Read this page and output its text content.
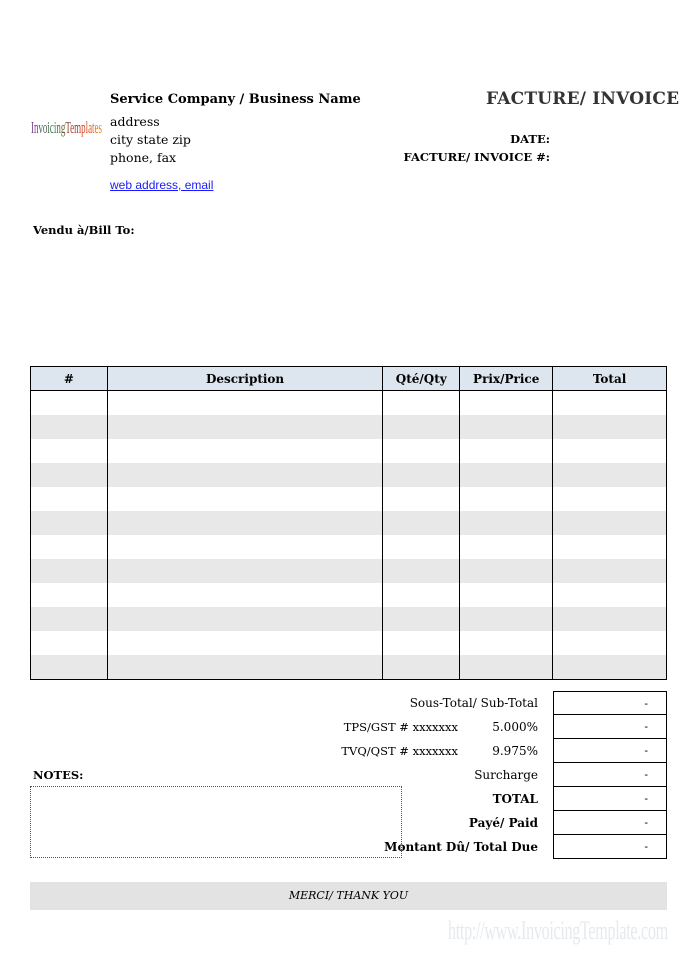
InvoicingTemplates
Service Company / Business Name
address
city state zip
phone, fax
web address, email
FACTURE/ INVOICE
DATE:
FACTURE/ INVOICE #:
Vendu à/Bill To:
#	Description	Qté/Qty	Prix/Price	Total

Sous-Total/ Sub-Total	-
TPS/GST # xxxxxxx	5.000%	-
TVQ/QST # xxxxxxx	9.975%	-
Surcharge	-
TOTAL	-
Payé/ Paid	-
Montant Dû/ Total Due	-
NOTES:
MERCI/ THANK YOU
http://www.InvoicingTemplate.com
